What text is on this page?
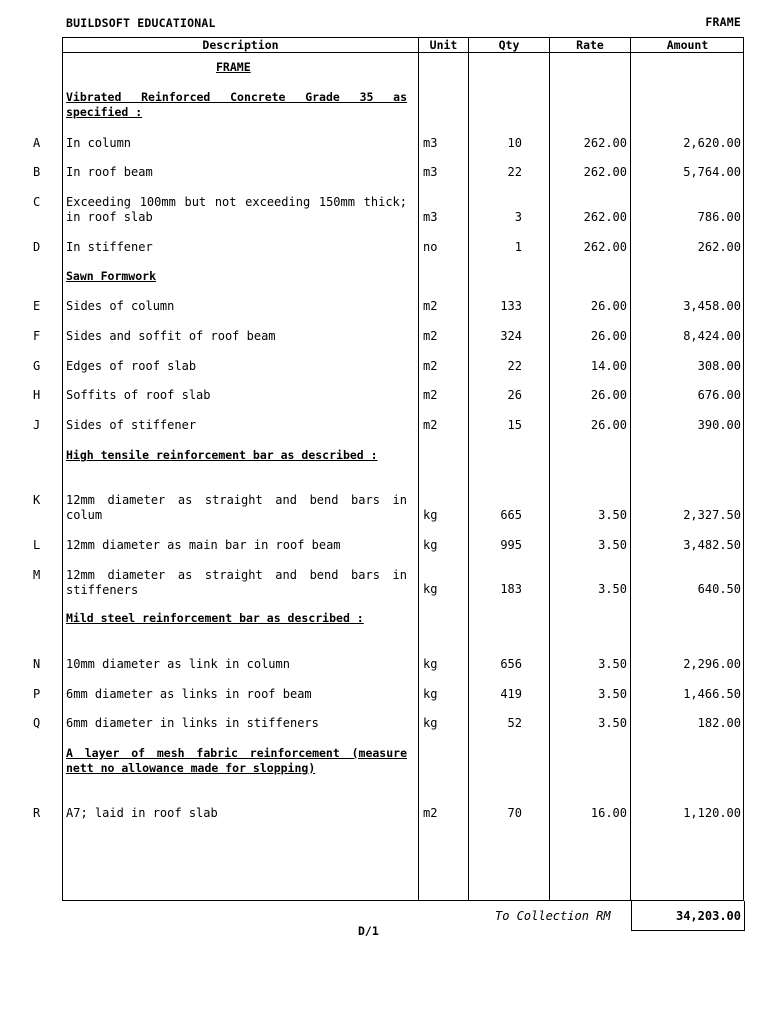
BUILDSOFT EDUCATIONAL	FRAME
Description	Unit	Qty	Rate	Amount
FRAME
Vibrated Reinforced Concrete Grade 35 as specified :
A In column	m3	10	262.00	2,620.00
B In roof beam	m3	22	262.00	5,764.00
C Exceeding 100mm but not exceeding 150mm thick; in roof slab	m3	3	262.00	786.00
D In stiffener	no	1	262.00	262.00
Sawn Formwork
E Sides of column	m2	133	26.00	3,458.00
F Sides and soffit of roof beam	m2	324	26.00	8,424.00
G Edges of roof slab	m2	22	14.00	308.00
H Soffits of roof slab	m2	26	26.00	676.00
J Sides of stiffener	m2	15	26.00	390.00
High tensile reinforcement bar as described :
K 12mm diameter as straight and bend bars in colum	kg	665	3.50	2,327.50
L 12mm diameter as main bar in roof beam	kg	995	3.50	3,482.50
M 12mm diameter as straight and bend bars in stiffeners	kg	183	3.50	640.50
Mild steel reinforcement bar as described :
N 10mm diameter as link in column	kg	656	3.50	2,296.00
P 6mm diameter as links in roof beam	kg	419	3.50	1,466.50
Q 6mm diameter in links in stiffeners	kg	52	3.50	182.00
A layer of mesh fabric reinforcement (measure nett no allowance made for slopping)
R A7; laid in roof slab	m2	70	16.00	1,120.00
To Collection RM	34,203.00
D/1
